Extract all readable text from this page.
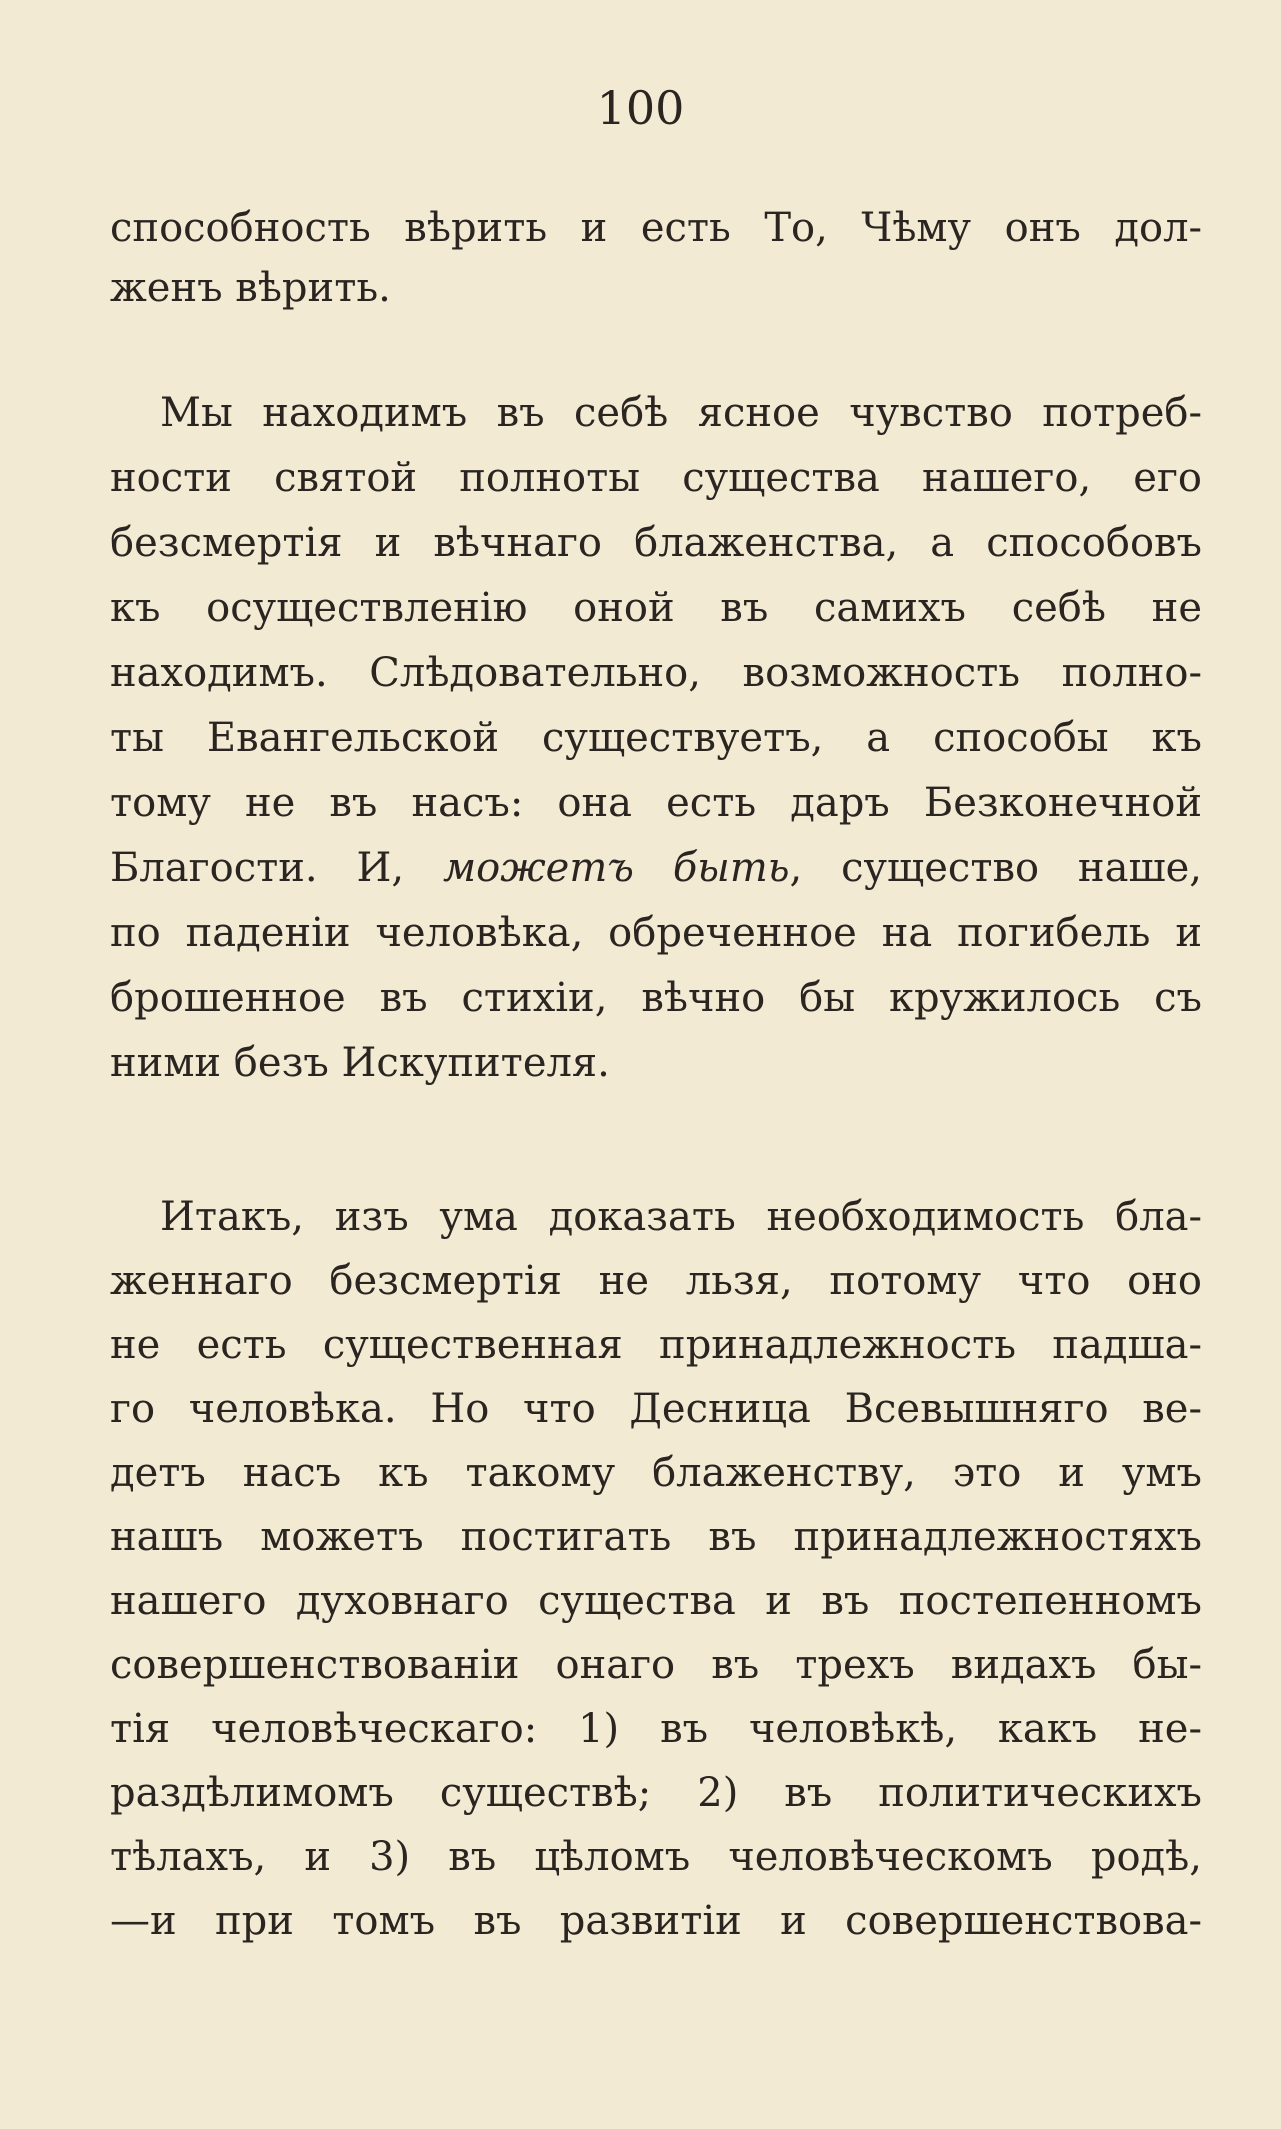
100
способность вѣрить и есть То, Чѣму онъ дол-
женъ вѣрить.
Мы находимъ въ себѣ ясное чувство потреб-
ности святой полноты существа нашего, его
безсмертія и вѣчнаго блаженства, а способовъ
къ осуществленію оной въ самихъ себѣ не
находимъ. Слѣдовательно, возможность полно-
ты Евангельской существуетъ, а способы къ
тому не въ насъ: она есть даръ Безконечной
Благости. И, можетъ быть, существо наше,
по паденіи человѣка, обреченное на погибель и
брошенное въ стихіи, вѣчно бы кружилось съ
ними безъ Искупителя.
Итакъ, изъ ума доказать необходимость бла-
женнаго безсмертія не льзя, потому что оно
не есть существенная принадлежность падша-
го человѣка. Но что Десница Всевышняго ве-
детъ насъ къ такому блаженству, это и умъ
нашъ можетъ постигать въ принадлежностяхъ
нашего духовнаго существа и въ постепенномъ
совершенствованіи онаго въ трехъ видахъ бы-
тія человѣческаго: 1) въ человѣкѣ, какъ не-
раздѣлимомъ существѣ; 2) въ политическихъ
тѣлахъ, и 3) въ цѣломъ человѣческомъ родѣ,
—и при томъ въ развитіи и совершенствова-
